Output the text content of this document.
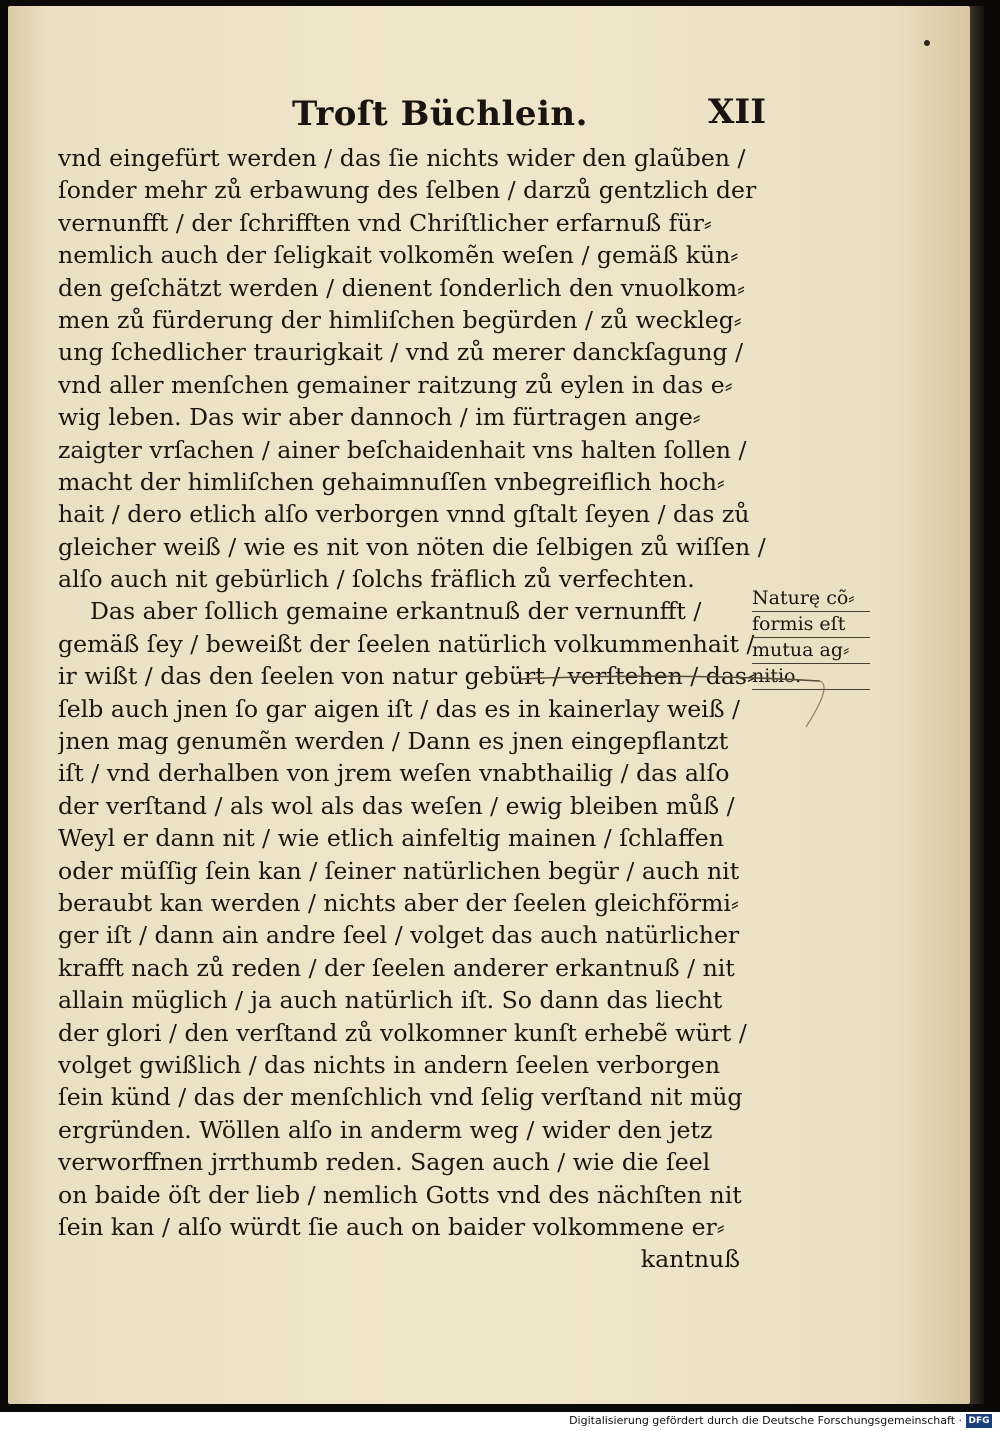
Troſt Büchlein.	XII
vnd eingefürt werden / das ſie nichts wider den glaũben /
ſonder mehr zů erbawung des ſelben / darzů gentzlich der
vernunfft / der ſchrifften vnd Chriſtlicher erfarnuß für⸗
nemlich auch der ſeligkait volkomẽn weſen / gemäß kün⸗
den geſchätzt werden / dienent ſonderlich den vnuolkom⸗
men zů fürderung der himliſchen begürden / zů weckleg⸗
ung ſchedlicher traurigkait / vnd zů merer danckſagung /
vnd aller menſchen gemainer raitzung zů eylen in das e⸗
wig leben. Das wir aber dannoch / im fürtragen ange⸗
zaigter vrſachen / ainer beſchaidenhait vns halten ſollen /
macht der himliſchen gehaimnuſſen vnbegreiflich hoch⸗
hait / dero etlich alſo verborgen vnnd gſtalt ſeyen / das zů
gleicher weiß / wie es nit von nöten die ſelbigen zů wiſſen /
alſo auch nit gebürlich / ſolchs fräflich zů verfechten.
Das aber ſollich gemaine erkantnuß der vernunfft /
gemäß ſey / beweißt der ſeelen natürlich volkummenhait /
ir wißt / das den ſeelen von natur gebürt / verſtehen / das⸗
ſelb auch jnen ſo gar aigen iſt / das es in kainerlay weiß /
jnen mag genumẽn werden / Dann es jnen eingepflantzt
iſt / vnd derhalben von jrem weſen vnabthailig / das alſo
der verſtand / als wol als das weſen / ewig bleiben můß /
Weyl er dann nit / wie etlich ainfeltig mainen / ſchlaffen
oder müſſig ſein kan / ſeiner natürlichen begür / auch nit
beraubt kan werden / nichts aber der ſeelen gleichförmi⸗
ger iſt / dann ain andre ſeel / volget das auch natürlicher
krafft nach zů reden / der ſeelen anderer erkantnuß / nit
allain müglich / ja auch natürlich iſt. So dann das liecht
der glori / den verſtand zů volkomner kunſt erhebẽ würt /
volget gwißlich / das nichts in andern ſeelen verborgen
ſein künd / das der menſchlich vnd ſelig verſtand nit müg
ergründen. Wöllen alſo in anderm weg / wider den jetz
verworffnen jrrthumb reden. Sagen auch / wie die ſeel
on baide öſt der lieb / nemlich Gotts vnd des nächſten nit
ſein kan / alſo würdt ſie auch on baider volkommene er⸗
kantnuß
Naturę cõ⸗
formis eſt
mutua ag⸗
nitio.
Digitalisierung gefördert durch die Deutsche Forschungsgemeinschaft · DFG
